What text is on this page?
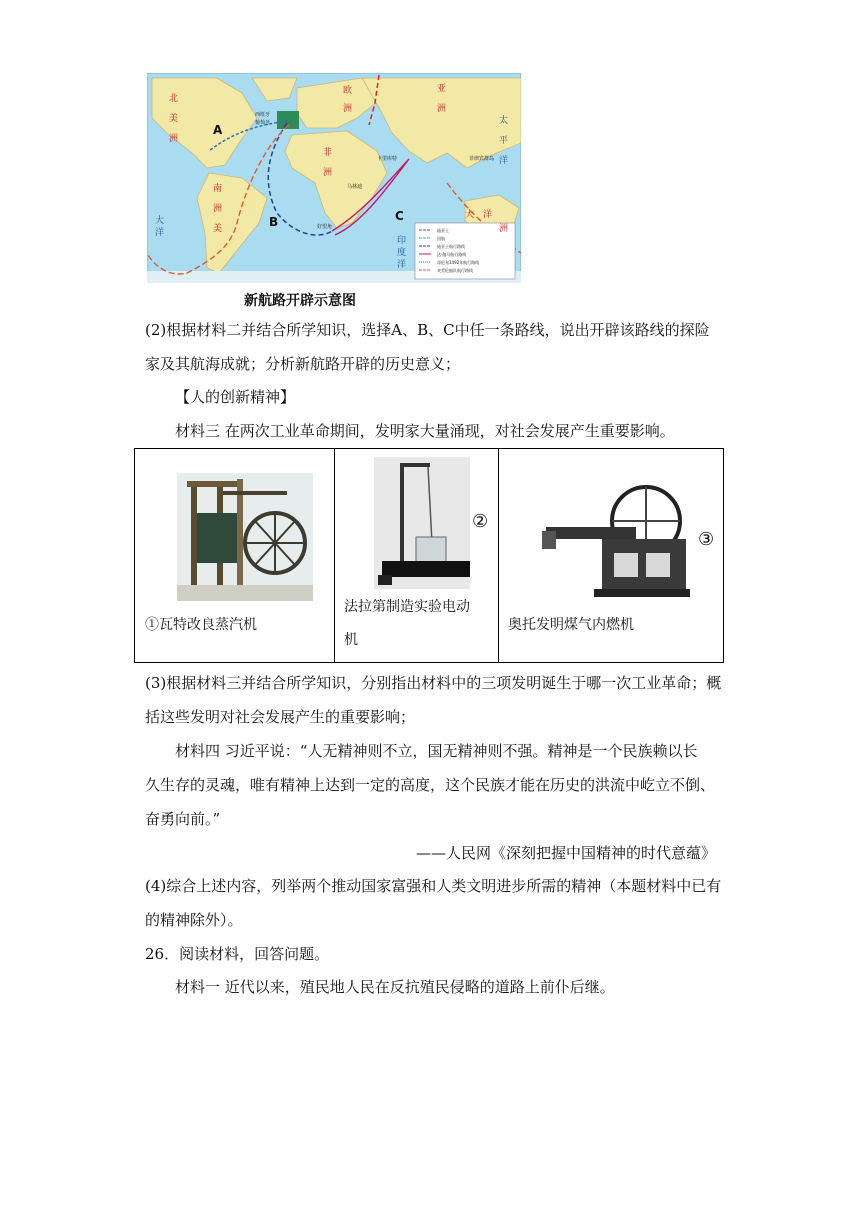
A
B	C
北
美
洲
南
洲
美
亚
洲
欧
洲
非
洲
大 洋
太
平
洋
印
度
洋
大
洋	洲
西班牙
葡萄牙
卡里库特
马林迪
好望角
菲律宾群岛
迪亚士
回航
迪亚士航行路线
达·伽马航行路线
哥伦布1492年航行路线
麦哲伦船队航行路线
新航路开辟示意图
(2)根据材料二并结合所学知识，选择A、B、C中任一条路线，说出开辟该路线的探险
家及其航海成就；分析新航路开辟的历史意义；
【人的创新精神】
材料三 在两次工业革命期间，发明家大量涌现，对社会发展产生重要影响。
①瓦特改良蒸汽机
②
法拉第制造实验电动
机
③
奥托发明煤气内燃机
(3)根据材料三并结合所学知识，分别指出材料中的三项发明诞生于哪一次工业革命；概
括这些发明对社会发展产生的重要影响；
材料四 习近平说：“人无精神则不立，国无精神则不强。精神是一个民族赖以长
久生存的灵魂，唯有精神上达到一定的高度，这个民族才能在历史的洪流中屹立不倒、
奋勇向前。”
——人民网《深刻把握中国精神的时代意蕴》
(4)综合上述内容，列举两个推动国家富强和人类文明进步所需的精神（本题材料中已有
的精神除外）。
26．阅读材料，回答问题。
材料一 近代以来，殖民地人民在反抗殖民侵略的道路上前仆后继。
